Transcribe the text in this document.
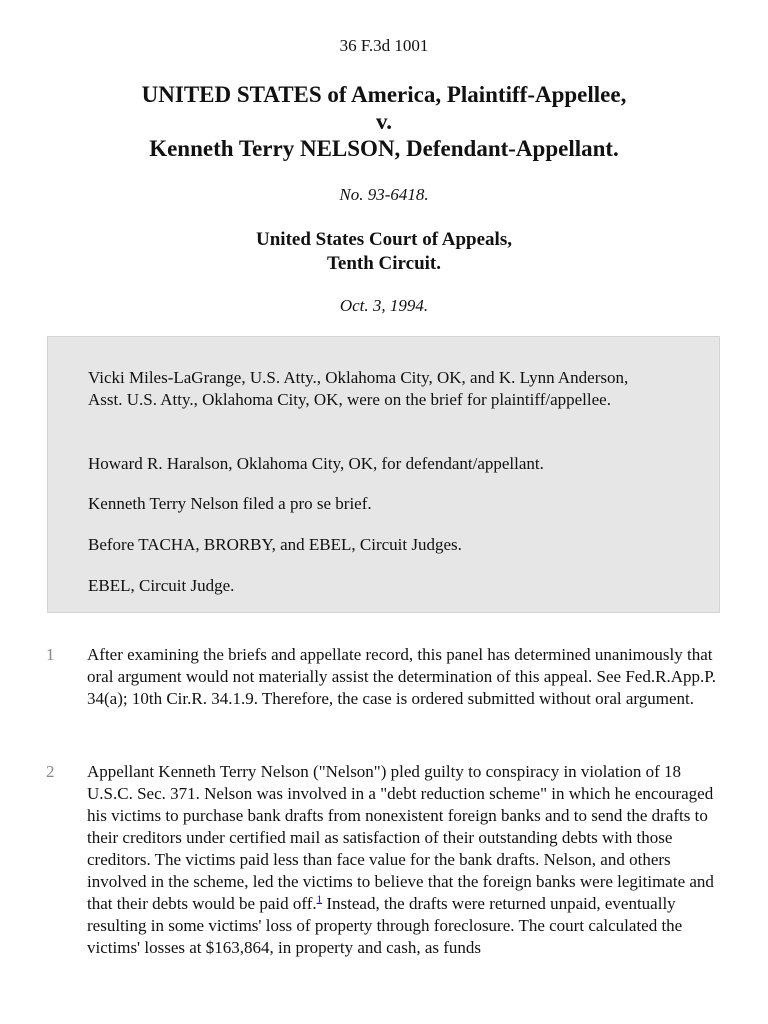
36 F.3d 1001
UNITED STATES of America, Plaintiff-Appellee,
v.
Kenneth Terry NELSON, Defendant-Appellant.
No. 93-6418.
United States Court of Appeals,
Tenth Circuit.
Oct. 3, 1994.

Vicki Miles-LaGrange, U.S. Atty., Oklahoma City, OK, and K. Lynn Anderson, Asst. U.S. Atty., Oklahoma City, OK, were on the brief for plaintiff/appellee.

Howard R. Haralson, Oklahoma City, OK, for defendant/appellant.

Kenneth Terry Nelson filed a pro se brief.

Before TACHA, BRORBY, and EBEL, Circuit Judges.

EBEL, Circuit Judge.

1 After examining the briefs and appellate record, this panel has determined unanimously that oral argument would not materially assist the determination of this appeal. See Fed.R.App.P. 34(a); 10th Cir.R. 34.1.9. Therefore, the case is ordered submitted without oral argument.

2 Appellant Kenneth Terry Nelson ("Nelson") pled guilty to conspiracy in violation of 18 U.S.C. Sec. 371. Nelson was involved in a "debt reduction scheme" in which he encouraged his victims to purchase bank drafts from nonexistent foreign banks and to send the drafts to their creditors under certified mail as satisfaction of their outstanding debts with those creditors. The victims paid less than face value for the bank drafts. Nelson, and others involved in the scheme, led the victims to believe that the foreign banks were legitimate and that their debts would be paid off.$^1$ Instead, the drafts were returned unpaid, eventually resulting in some victims' loss of property through foreclosure. The court calculated the victims' losses at $163,864, in property and cash, as funds
